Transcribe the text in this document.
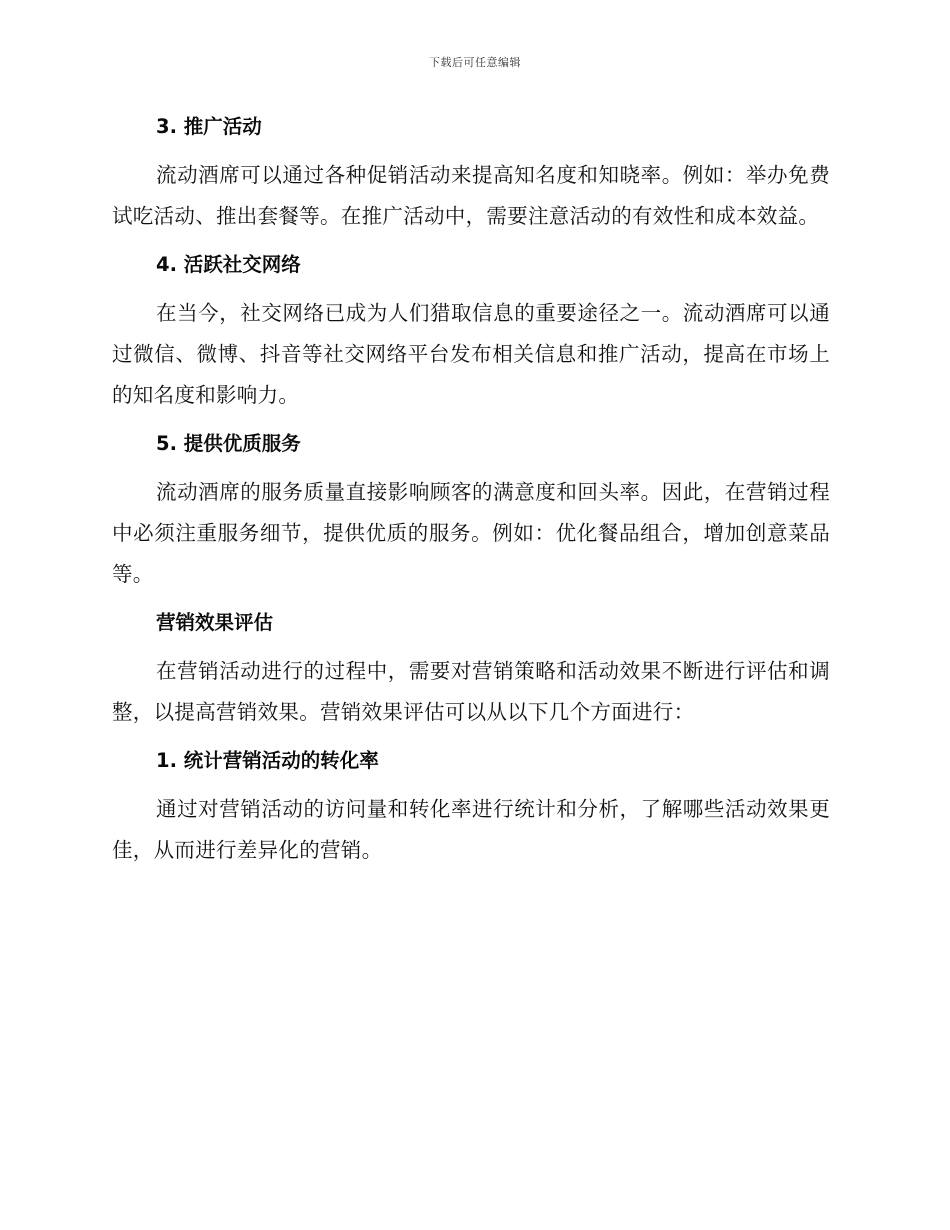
下载后可任意编辑
3. 推广活动

流动酒席可以通过各种促销活动来提高知名度和知晓率。例如：举办免费试吃活动、推出套餐等。在推广活动中，需要注意活动的有效性和成本效益。

4. 活跃社交网络

在当今，社交网络已成为人们猎取信息的重要途径之一。流动酒席可以通过微信、微博、抖音等社交网络平台发布相关信息和推广活动，提高在市场上的知名度和影响力。

5. 提供优质服务

流动酒席的服务质量直接影响顾客的满意度和回头率。因此，在营销过程中必须注重服务细节，提供优质的服务。例如：优化餐品组合，增加创意菜品等。

营销效果评估

在营销活动进行的过程中，需要对营销策略和活动效果不断进行评估和调整，以提高营销效果。营销效果评估可以从以下几个方面进行：

1. 统计营销活动的转化率

通过对营销活动的访问量和转化率进行统计和分析，了解哪些活动效果更佳，从而进行差异化的营销。
